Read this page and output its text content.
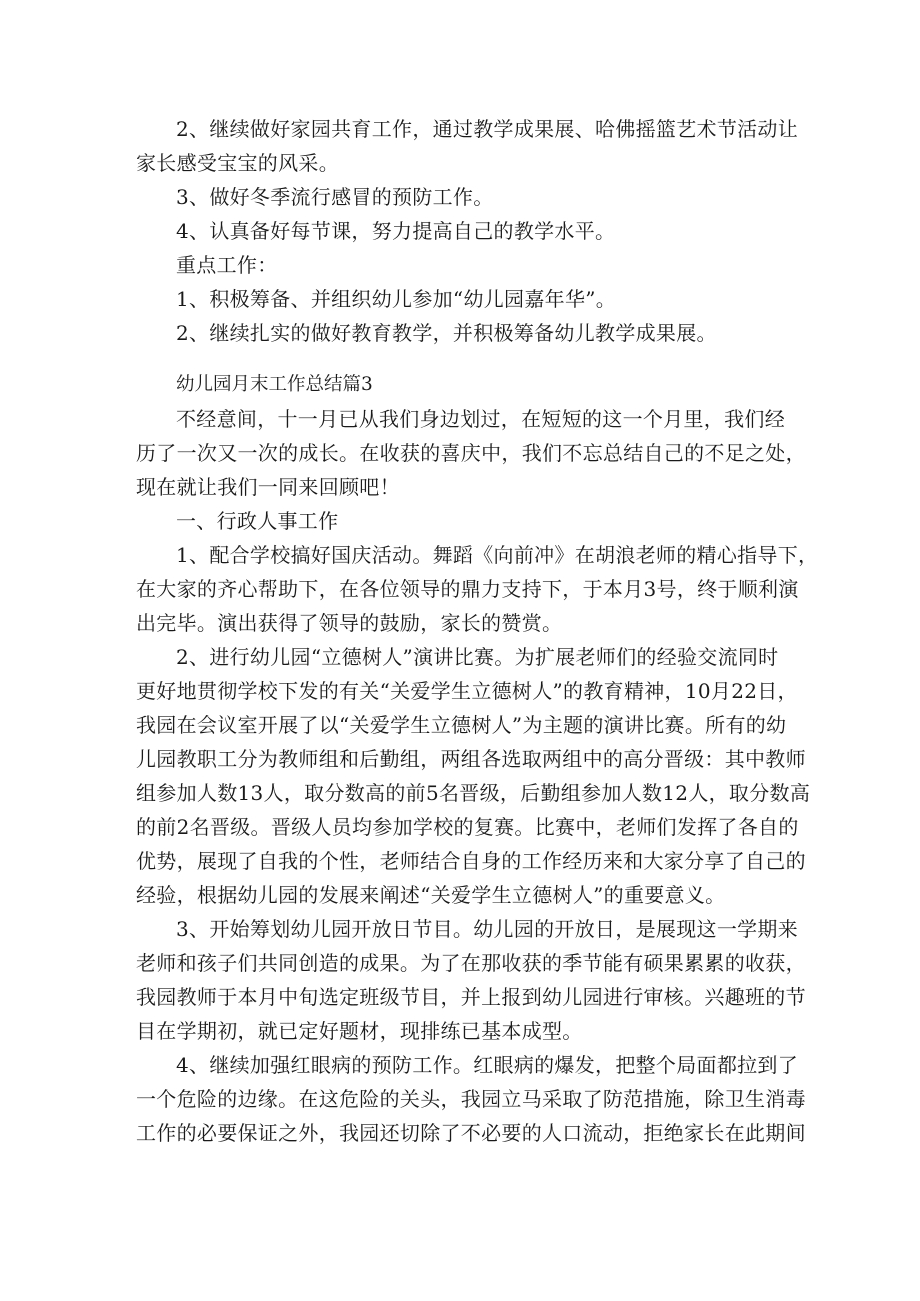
2、继续做好家园共育工作，通过教学成果展、哈佛摇篮艺术节活动让
家长感受宝宝的风采。
3、做好冬季流行感冒的预防工作。
4、认真备好每节课，努力提高自己的教学水平。
重点工作：
1、积极筹备、并组织幼儿参加“幼儿园嘉年华”。
2、继续扎实的做好教育教学，并积极筹备幼儿教学成果展。
幼儿园月末工作总结篇3
不经意间，十一月已从我们身边划过，在短短的这一个月里，我们经
历了一次又一次的成长。在收获的喜庆中，我们不忘总结自己的不足之处，
现在就让我们一同来回顾吧！
一、行政人事工作
1、配合学校搞好国庆活动。舞蹈《向前冲》在胡浪老师的精心指导下，
在大家的齐心帮助下，在各位领导的鼎力支持下，于本月3号，终于顺利演
出完毕。演出获得了领导的鼓励，家长的赞赏。
2、进行幼儿园“立德树人”演讲比赛。为扩展老师们的经验交流同时
更好地贯彻学校下发的有关“关爱学生立德树人”的教育精神，10月22日，
我园在会议室开展了以“关爱学生立德树人”为主题的演讲比赛。所有的幼
儿园教职工分为教师组和后勤组，两组各选取两组中的高分晋级：其中教师
组参加人数13人，取分数高的前5名晋级，后勤组参加人数12人，取分数高
的前2名晋级。晋级人员均参加学校的复赛。比赛中，老师们发挥了各自的
优势，展现了自我的个性，老师结合自身的工作经历来和大家分享了自己的
经验，根据幼儿园的发展来阐述“关爱学生立德树人”的重要意义。
3、开始筹划幼儿园开放日节目。幼儿园的开放日，是展现这一学期来
老师和孩子们共同创造的成果。为了在那收获的季节能有硕果累累的收获，
我园教师于本月中旬选定班级节目，并上报到幼儿园进行审核。兴趣班的节
目在学期初，就已定好题材，现排练已基本成型。
4、继续加强红眼病的预防工作。红眼病的爆发，把整个局面都拉到了
一个危险的边缘。在这危险的关头，我园立马采取了防范措施，除卫生消毒
工作的必要保证之外，我园还切除了不必要的人口流动，拒绝家长在此期间
